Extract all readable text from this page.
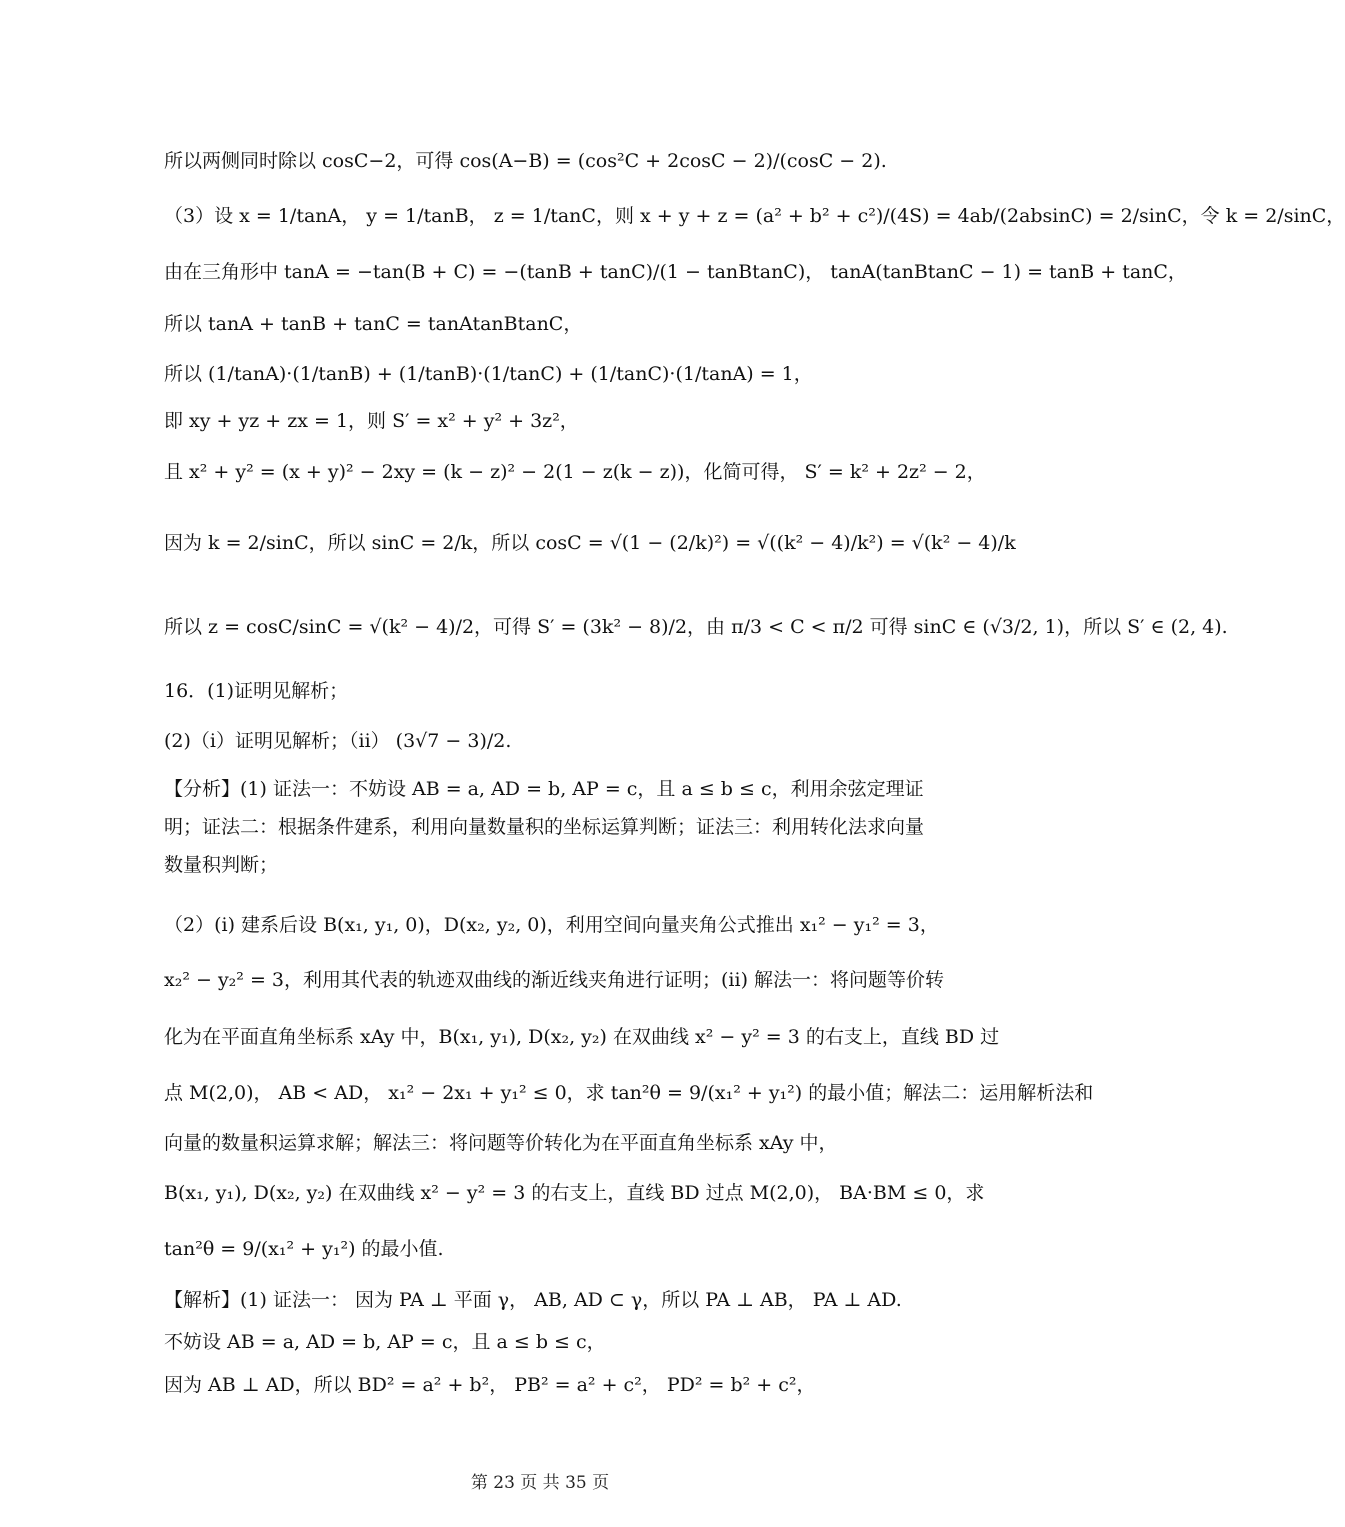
所以两侧同时除以 cosC−2，可得 cos(A−B) = (cos²C + 2cosC − 2)/(cosC − 2).
（3）设 x = 1/tanA， y = 1/tanB， z = 1/tanC，则 x + y + z = (a² + b² + c²)/(4S) = 4ab/(2absinC) = 2/sinC，令 k = 2/sinC，
由在三角形中 tanA = −tan(B + C) = −(tanB + tanC)/(1 − tanBtanC)， tanA(tanBtanC − 1) = tanB + tanC，
所以 tanA + tanB + tanC = tanAtanBtanC，
所以 (1/tanA)·(1/tanB) + (1/tanB)·(1/tanC) + (1/tanC)·(1/tanA) = 1，
即 xy + yz + zx = 1，则 S′ = x² + y² + 3z²，
且 x² + y² = (x + y)² − 2xy = (k − z)² − 2(1 − z(k − z))，化简可得， S′ = k² + 2z² − 2，
因为 k = 2/sinC，所以 sinC = 2/k，所以 cosC = √(1 − (2/k)²) = √((k² − 4)/k²) = √(k² − 4)/k
所以 z = cosC/sinC = √(k² − 4)/2，可得 S′ = (3k² − 8)/2，由 π/3 < C < π/2 可得 sinC ∈ (√3/2, 1)，所以 S′ ∈ (2, 4).
16．(1)证明见解析；
(2)（i）证明见解析；（ii） (3√7 − 3)/2.
【分析】(1) 证法一：不妨设 AB = a, AD = b, AP = c，且 a ≤ b ≤ c，利用余弦定理证明；证法二：根据条件建系，利用向量数量积的坐标运算判断；证法三：利用转化法求向量数量积判断；
（2）(i) 建系后设 B(x₁, y₁, 0)，D(x₂, y₂, 0)，利用空间向量夹角公式推出 x₁² − y₁² = 3，
x₂² − y₂² = 3，利用其代表的轨迹双曲线的渐近线夹角进行证明；(ii) 解法一：将问题等价转
化为在平面直角坐标系 xAy 中，B(x₁, y₁), D(x₂, y₂) 在双曲线 x² − y² = 3 的右支上，直线 BD 过
点 M(2,0)， AB < AD， x₁² − 2x₁ + y₁² ≤ 0，求 tan²θ = 9/(x₁² + y₁²) 的最小值；解法二：运用解析法和
向量的数量积运算求解；解法三：将问题等价转化为在平面直角坐标系 xAy 中，
B(x₁, y₁), D(x₂, y₂) 在双曲线 x² − y² = 3 的右支上，直线 BD 过点 M(2,0)， BA·BM ≤ 0，求
tan²θ = 9/(x₁² + y₁²) 的最小值.
【解析】(1) 证法一： 因为 PA ⊥ 平面 γ， AB, AD ⊂ γ，所以 PA ⊥ AB， PA ⊥ AD.
不妨设 AB = a, AD = b, AP = c，且 a ≤ b ≤ c，
因为 AB ⊥ AD，所以 BD² = a² + b²， PB² = a² + c²， PD² = b² + c²，
第 23 页 共 35 页
